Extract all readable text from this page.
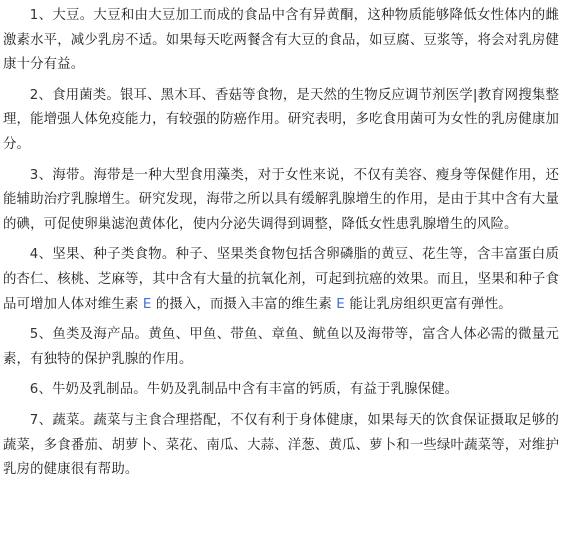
1、大豆。大豆和由大豆加工而成的食品中含有异黄酮，这种物质能够降低女性体内的雌激素水平，减少乳房不适。如果每天吃两餐含有大豆的食品，如豆腐、豆浆等，将会对乳房健康十分有益。

2、食用菌类。银耳、黑木耳、香菇等食物，是天然的生物反应调节剂医学|教育网搜集整理，能增强人体免疫能力，有较强的防癌作用。研究表明，多吃食用菌可为女性的乳房健康加分。

3、海带。海带是一种大型食用藻类，对于女性来说，不仅有美容、瘦身等保健作用，还能辅助治疗乳腺增生。研究发现，海带之所以具有缓解乳腺增生的作用，是由于其中含有大量的碘，可促使卵巢滤泡黄体化，使内分泌失调得到调整，降低女性患乳腺增生的风险。

4、坚果、种子类食物。种子、坚果类食物包括含卵磷脂的黄豆、花生等，含丰富蛋白质的杏仁、核桃、芝麻等，其中含有大量的抗氧化剂，可起到抗癌的效果。而且，坚果和种子食品可增加人体对维生素 E 的摄入，而摄入丰富的维生素 E 能让乳房组织更富有弹性。

5、鱼类及海产品。黄鱼、甲鱼、带鱼、章鱼、鱿鱼以及海带等，富含人体必需的微量元素，有独特的保护乳腺的作用。

6、牛奶及乳制品。牛奶及乳制品中含有丰富的钙质，有益于乳腺保健。

7、蔬菜。蔬菜与主食合理搭配，不仅有利于身体健康，如果每天的饮食保证摄取足够的蔬菜，多食番茄、胡萝卜、菜花、南瓜、大蒜、洋葱、黄瓜、萝卜和一些绿叶蔬菜等，对维护乳房的健康很有帮助。
